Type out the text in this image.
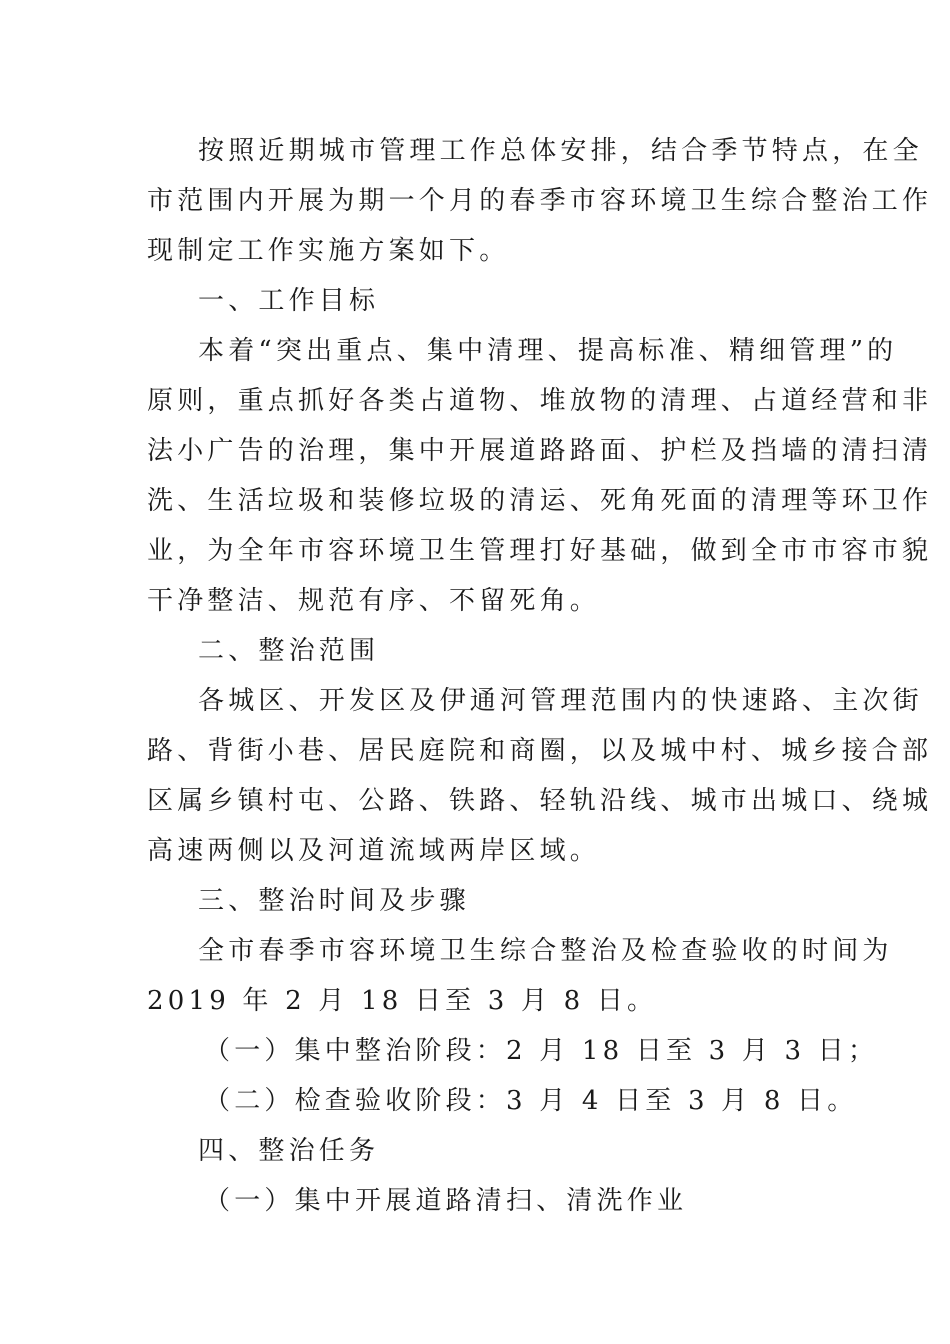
按照近期城市管理工作总体安排，结合季节特点，在全
市范围内开展为期一个月的春季市容环境卫生综合整治工作
现制定工作实施方案如下。
一、工作目标
本着“突出重点、集中清理、提高标准、精细管理”的
原则，重点抓好各类占道物、堆放物的清理、占道经营和非
法小广告的治理，集中开展道路路面、护栏及挡墙的清扫清
洗、生活垃圾和装修垃圾的清运、死角死面的清理等环卫作
业，为全年市容环境卫生管理打好基础，做到全市市容市貌
干净整洁、规范有序、不留死角。
二、整治范围
各城区、开发区及伊通河管理范围内的快速路、主次街
路、背街小巷、居民庭院和商圈，以及城中村、城乡接合部
区属乡镇村屯、公路、铁路、轻轨沿线、城市出城口、绕城
高速两侧以及河道流域两岸区域。
三、整治时间及步骤
全市春季市容环境卫生综合整治及检查验收的时间为
2019 年 2 月 18 日至 3 月 8 日。
（一）集中整治阶段：2 月 18 日至 3 月 3 日；
（二）检查验收阶段：3 月 4 日至 3 月 8 日。
四、整治任务
（一）集中开展道路清扫、清洗作业
